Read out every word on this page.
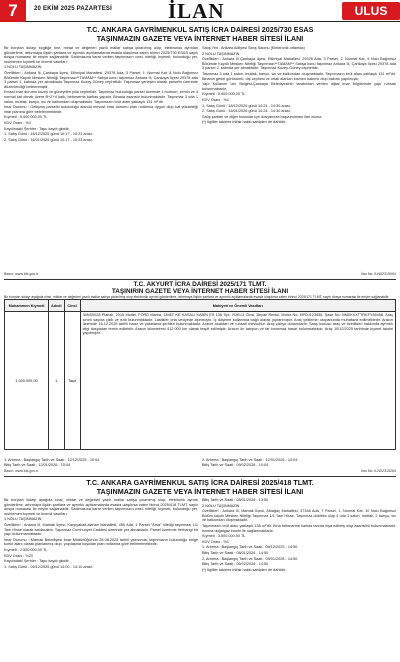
7	20 EKİM 2025 PAZARTESİ	İLAN	ULUS
T.C. ANKARA GAYRİMENKUL SATIŞ İCRA DAİRESİ 2025/730 ESAS
TAŞINMAZIN GAZETE VEYA İNTERNET HABER SİTESİ İLANI

Bir borçtan dolayı ezgiliğe öne, mirlat ve değerleri yazılı mallar satışa çıkarılmış olup, elektronuk ayrınlan gönderilme, arttırmaya ilişkin şartlara ve ayrıntılı açıklamalarda esasla ulaşılırsa zaten birinci 2025/730 ESAS sayılı dosya numarası ile erişim sağlanabilir. Satılmasına karar verilen taşınmazın cinsi, niteliği, kıymeti, bulunduğu yer, muhtemen kıymeti ve önemli vasıfları:

1 NOLU TAŞINMAZIN

Özellikleri : Ankara İli, Çankaya İlçesi, Etlimiyal Mahallesi, 29378 Ada, 3 Parsel, 1. Normal Kat, 8 Nolu Bağımsız Bölümde Kayıtlı Mesken Niteliği Taşınmazı**TAMAM** Satışa konu taşınmaz Ankara İli, Çankaya İlçesi 29378 ada 3 parsel 1. katında yer almaktadır.Taşınmaz Kuzey-Güney cephelidir. Taşınmaz yerleşim olarak parselin üzerinde düzenlendiği belirlenmiştir.

Emsal imar durumu kuzey ve güneyden yola cephelidir. Taşınmaz bulunduğu parsel üzerinde 1 bodrum, zemin ve 4 normal kat olmak üzere B+Z+4 katlı, betonarme karkas yapıdır. Binada asansör bulunmaktadır. Taşınmaz 3 oda 1 salon, mutfak, banyo, wc ve balkondan oluşmaktadır. Taşınmazın brüt alanı yaklaşık 131 m²'dir.

İmar Durumu : Gelişmiş parselin bulunduğu alanda mevcut imar durumu plan notlarına uygun olup kat yüksekliği imar planına göre belirlenmektedir.

Kıymeti : 5.400.000,00 TL

KDV Oranı : %1

Kaydındaki Şerhler : Tapu kaydı gibidir.

1. Satış Günü : 18/12/2025 günü 10:17 - 10:23 arası.

2. Satış Günü : 16/01/2026 günü 10:17 - 10:23 arası.

Satış Yeri : Ankara Adliyesi Satış Salonu (Elektronik ortamda)

2 NOLU TAŞINMAZIN

Özellikleri : Ankara İli Çankaya İlçesi, Etlimiyal Mahallesi, 29378 Ada, 3 Parsel, 2. Normal Kat, 9 Nolu Bağımsız Bölümde Kayıtlı Mesken Niteliği Taşınmazı**TAMAM** Satışa konu taşınmaz Ankara İli, Çankaya İlçesi 29378 ada 3 parsel 2. katında yer almaktadır. Taşınmaz Kuzey-Güney cephelidir.

Taşınmaz 3 oda 1 salon, mutfak, banyo, wc ve balkondan oluşmaktadır. Taşınmazın brüt alanı yaklaşık 131 m²'dir. Binanın genel görünümü, dış cephesi ve ortak alanları kısmen bakımlı olup bakımı yapılmıştır.

Yapı Kullanım İzin Belgesi-Çankaya Belediyesinin tarafından verilen dijital imar bilgilerinde yapı ruhsatı bulunmaktadır.

Kıymeti : 5.400.000,00 TL

KDV Oranı : %1

1. Satış Günü : 18/12/2025 günü 14:24 - 14:30 arası.

2. Satış Günü : 16/01/2026 günü 14:24 - 14:30 arası.

Satış şartları ve diğer hususlar için dosyamıza başvurulması ilan olunur.

(*) İlgililer tabirine irtifak hakkı sahipleri de dahildir.

Basın: www.bik.gov.tr	İlan No: ILN02315094
T.C. AKYURT İCRA DAİRESİ 2025/171 TLMT.
TAŞINIRIN GAZETE VEYA İNTERNET HABER SİTESİ İLANI
Bir borçtan dolayı aşağıda cinsi, miktar ve değerleri yazılı mallar satışa çıkarılmış olup elektronik ayrıntı gönderilme, artırmaya ilişkin şartlara ve ayrıntılı açıklamalarda esasla ulaşılırsa zaten birinci 2025/171 TLMT. sayılı dosya numarası ile erişim sağlanabilir.
Muhammen Kıymeti	Adedi	Cinsi	Mahiyeti ve Önemli Vasıfları
1.000.000,00	1	Taşıt	34NS0028 Plakalı, 2015 Model, FORD Marka, 1846T KE KASALI KABİN ES 136 Tipi, YÜKLÜ Cinsi, Beyaz Renkli, Motor No: HPDJ123456, Şase No: NM0KXXTTRKFY56458. Araç sınırlı sayıda çizik ve ezik bulunmaktadır. Lastikler orta seviyede aşınmıştır. İç döşeme kullanıma bağlı olarak yıpranmıştır. Araç yediemin otoparkında muhafaza edilmektedir. Aracın üzerinde 16.12.2025 tarihli haciz ve yakalama şerhleri bulunmaktadır. Aracın anahtarı ve ruhsatı mevcuttur. Araç çalışır durumdadır. Satış konusu araç ve özellikleri hakkında ayrıntılı bilgi dosyadan temin edilebilir. Aracın kilometresi 412.000 km olarak tespit edilmiştir. Aracın ön tampon ve far kısmında hasar bulunmaktadır. Araç 10/12/2025 tarihinde kıymet takdiri yapılmıştır.
1. Artırma : Başlangıç Tarih ve Saati : 12/12/2025 - 10:04
Bitiş Tarih ve Saati : 12/01/2026 - 10:04
2. Artırma : Başlangıç Tarih ve Saati : 12/01/2026 - 10:04
Bitiş Tarih ve Saati : 09/02/2026 - 10:04
Basın: www.bik.gov.tr	İlan No: ILN02315264
T.C. ANKARA GAYRİMENKUL SATIŞ İCRA DAİRESİ 2025/418 TLMT.
TAŞINMAZIN GAZETE VEYA İNTERNET HABER SİTESİ İLANI

Bir borçtan dolayı aşağıda cinsi, miktar ve değerleri yazılı mallar satışa çıkarılmış olup, elektronik ayrıntı gönderilme, artırmaya ilişkin şartlara ve ayrıntılı açıklamalarda esasla ulaşılırsa zaten birinci 2025/418 TLMT. sayılı dosya numarası ile erişim sağlanabilir. Satılmasına karar verilen taşınmazın cinsi, niteliği, kıymeti, bulunduğu yer, muhtemen kıymeti ve önemli vasıfları:

1 NOLU TAŞINMAZIN

Özellikleri : Ankara İli, Mamak İlçesi, Karşıyaka/Lalahan Mahallesi, 456 Ada, 1 Parsel "Arsa" niteliği taşınmazı 1/1 Tam Hisse olarak satılacaktır. Taşınmaz Cumhuriyet Caddesi üzerinde yer almaktadır. Parsel üzerinde herhangi bir yapı bulunmamaktadır.

İmar Durumu : Mamak Belediyesi İmar Müdürlüğü'nün 28.08.2025 tarihli yazısında, taşınmazın bulunduğu bölge konut alanı olarak planlanmış olup, yapılaşma koşulları plan notlarına göre belirlenmektedir.

Kıymeti : 2.500.000,00 TL

KDV Oranı : %20

Kaydındaki Şerhler : Tapu kaydı gibidir.

1. Satış Günü : 09/12/2025 günü 14:00 - 14:10 arası.

Bitiş Tarih ve Saati : 08/01/2026 - 13:50

2 NOLU TAŞINMAZIN

Özellikleri : Ankara İli, Mamak İlçesi, Altıağaç Mahallesi, 37346 Ada, 7 Parsel, 1. Normal Kat, 10 Nolu Bağımsız Bölüm kayıtlı Mesken Niteliği Taşınmaz 1/1 Tam Hisse. Taşınmaz dubleks olup 4 oda 1 salon, mutfak, 2 banyo, wc ve balkondan oluşmaktadır.

Taşınmazın brüt alanı yaklaşık 138 m²'dir. Bina betonarme karkas tarzda inşa edilmiş olup asansörü bulunmaktadır. Isınma doğalgaz kombi ile sağlanmaktadır.

Kıymeti : 3.500.000,00 TL

KDV Oranı : %1

1. Artırma : Başlangıç Tarih ve Saati : 09/12/2025 - 14:50

Bitiş Tarih ve Saati : 08/01/2026 - 14:50

2. Artırma : Başlangıç Tarih ve Saati : 09/01/2026 - 14:50

Bitiş Tarih ve Saati : 06/02/2026 - 14:50

(*) İlgililer tabirine irtifak hakkı sahipleri de dahildir.
